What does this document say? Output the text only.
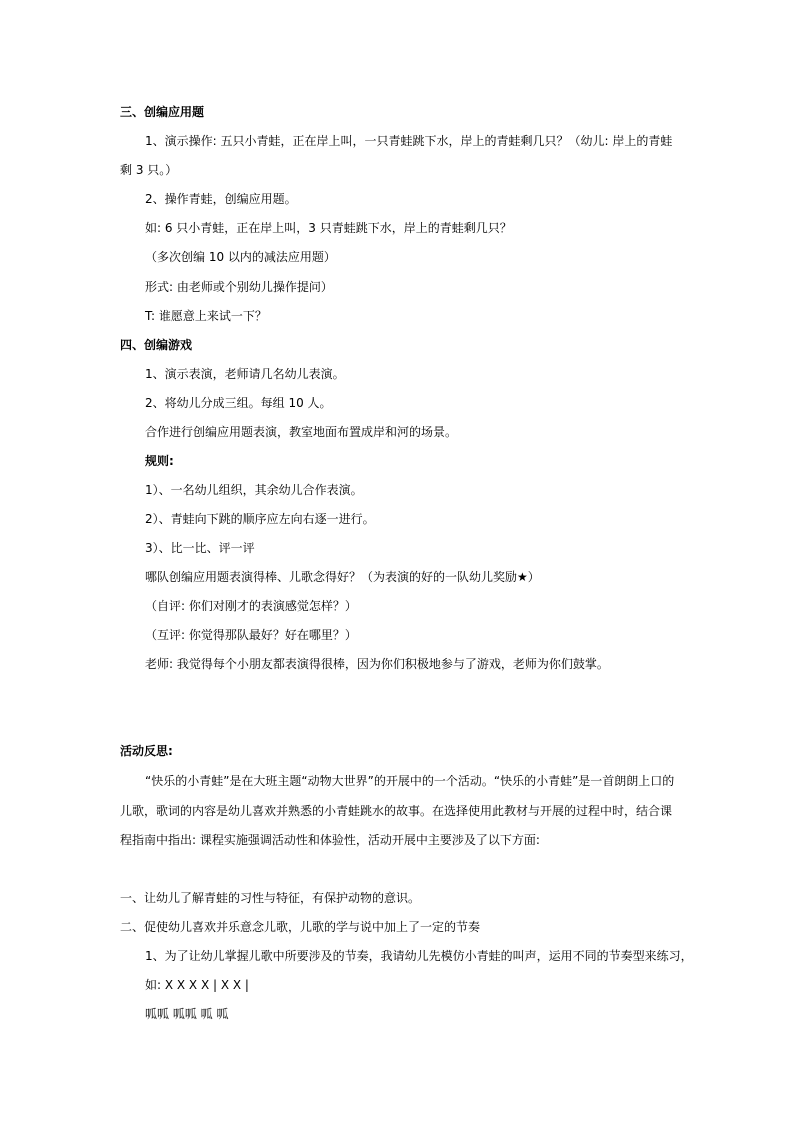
三、创编应用题
1、演示操作: 五只小青蛙，正在岸上叫，一只青蛙跳下水，岸上的青蛙剩几只？（幼儿: 岸上的青蛙
剩 3 只。）
2、操作青蛙，创编应用题。
如: 6 只小青蛙，正在岸上叫，3 只青蛙跳下水，岸上的青蛙剩几只？
（多次创编 10 以内的减法应用题）
形式: 由老师或个别幼儿操作提问）
T: 谁愿意上来试一下？
四、创编游戏
1、演示表演，老师请几名幼儿表演。
2、将幼儿分成三组。每组 10 人。
合作进行创编应用题表演，教室地面布置成岸和河的场景。
规则:
1）、一名幼儿组织，其余幼儿合作表演。
2）、青蛙向下跳的顺序应左向右逐一进行。
3）、比一比、评一评
哪队创编应用题表演得棒、儿歌念得好？（为表演的好的一队幼儿奖励★）
（自评: 你们对刚才的表演感觉怎样？）
（互评: 你觉得那队最好？好在哪里？）
老师: 我觉得每个小朋友都表演得很棒，因为你们积极地参与了游戏，老师为你们鼓掌。
活动反思:
“快乐的小青蛙”是在大班主题“动物大世界”的开展中的一个活动。“快乐的小青蛙”是一首朗朗上口的
儿歌，歌词的内容是幼儿喜欢并熟悉的小青蛙跳水的故事。在选择使用此教材与开展的过程中时，结合课
程指南中指出: 课程实施强调活动性和体验性，活动开展中主要涉及了以下方面:
一、让幼儿了解青蛙的习性与特征，有保护动物的意识。
二、促使幼儿喜欢并乐意念儿歌，儿歌的学与说中加上了一定的节奏
1、为了让幼儿掌握儿歌中所要涉及的节奏，我请幼儿先模仿小青蛙的叫声，运用不同的节奏型来练习，
如: X X X X | X X |
呱呱 呱呱 呱 呱
